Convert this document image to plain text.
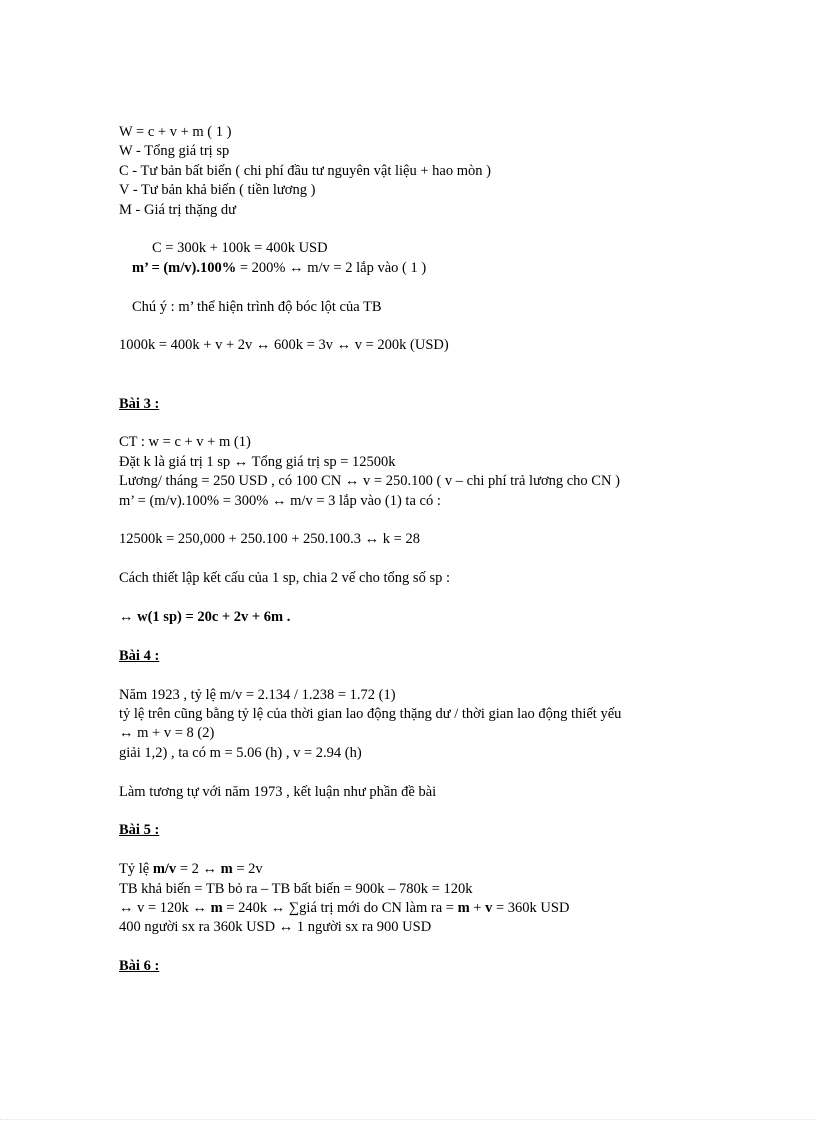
W = c + v + m ( 1 )
W - Tổng giá trị sp
C - Tư bản bất biến ( chi phí đầu tư nguyên vật liệu + hao mòn )
V - Tư bản khả biến ( tiền lương )
M - Giá trị thặng dư
C = 300k + 100k = 400k USD
m’ = (m/v).100% = 200% ↔ m/v = 2 lắp vào ( 1 )
Chú ý : m’ thể hiện trình độ bóc lột của TB
1000k = 400k + v + 2v ↔ 600k = 3v ↔ v = 200k (USD)
Bài 3 :
CT : w = c + v + m (1)
Đặt k là giá trị 1 sp ↔ Tổng giá trị sp = 12500k
Lương/ tháng = 250 USD , có 100 CN ↔ v = 250.100 ( v – chi phí trả lương cho CN )
m’ = (m/v).100% = 300% ↔ m/v = 3 lắp vào (1) ta có :
12500k = 250,000 + 250.100 + 250.100.3 ↔ k = 28
Cách thiết lập kết cấu của 1 sp, chia 2 vế cho tổng số sp :
↔ w(1 sp) = 20c + 2v + 6m .
Bài 4 :
Năm 1923 , tỷ lệ m/v = 2.134 / 1.238 = 1.72 (1)
tỷ lệ trên cũng bằng tỷ lệ của thời gian lao động thặng dư / thời gian lao động thiết yếu
↔ m + v = 8 (2)
giải 1,2) , ta có m = 5.06 (h) , v = 2.94 (h)
Làm tương tự với năm 1973 , kết luận như phần đề bài
Bài 5 :
Tỷ lệ m/v = 2 ↔ m = 2v
TB khả biến = TB bỏ ra – TB bất biến = 900k – 780k = 120k
↔ v = 120k ↔ m = 240k ↔ ∑giá trị mới do CN làm ra = m + v = 360k USD
400 người sx ra 360k USD ↔ 1 người sx ra 900 USD
Bài 6 :
